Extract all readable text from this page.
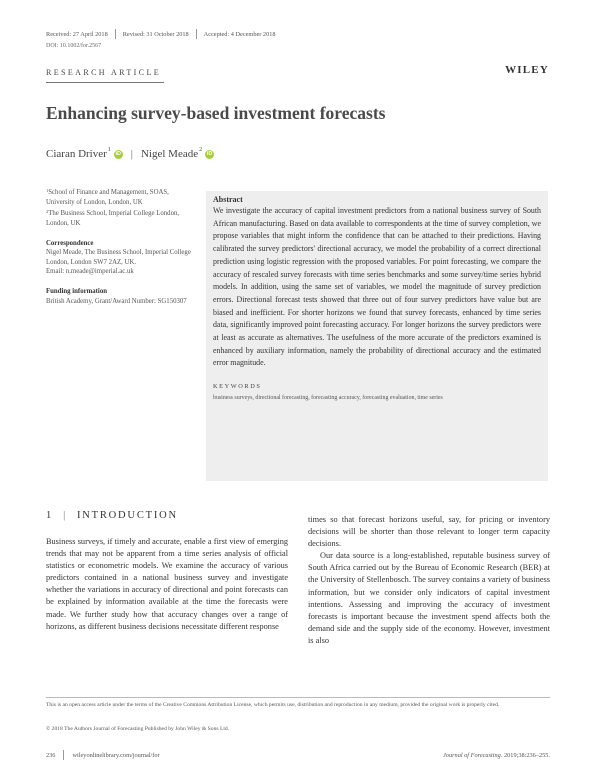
Received: 27 April 2018 Revised: 31 October 2018 Accepted: 4 December 2018
DOI: 10.1002/for.2567
RESEARCH ARTICLE	WILEY
Enhancing survey-based investment forecasts
Ciaran Driver$^1$
iD | Nigel Meade$^2$
iD

$^1$School of Finance and Management, SOAS, University of London, London, UK

$^2$The Business School, Imperial College London, London, UK

Correspondence

Nigel Meade, The Business School, Imperial College London, London SW7 2AZ, UK.

Email: n.meade@imperial.ac.uk

Funding information

British Academy, Grant/Award Number: SG150307

Abstract
We investigate the accuracy of capital investment predictors from a national business survey of South African manufacturing. Based on data available to correspondents at the time of survey completion, we propose variables that might inform the confidence that can be attached to their predictions. Having calibrated the survey predictors' directional accuracy, we model the probability of a correct directional prediction using logistic regression with the proposed variables. For point forecasting, we compare the accuracy of rescaled survey forecasts with time series benchmarks and some survey/time series hybrid models. In addition, using the same set of variables, we model the magnitude of survey prediction errors. Directional forecast tests showed that three out of four survey predictors have value but are biased and inefficient. For shorter horizons we found that survey forecasts, enhanced by time series data, significantly improved point forecasting accuracy. For longer horizons the survey predictors were at least as accurate as alternatives. The usefulness of the more accurate of the predictors examined is enhanced by auxiliary information, namely the probability of directional accuracy and the estimated error magnitude.
KEYWORDS
business surveys, directional forecasting, forecasting accuracy, forecasting evaluation, time series
1 | INTRODUCTION

Business surveys, if timely and accurate, enable a first view of emerging trends that may not be apparent from a time series analysis of official statistics or econometric models. We examine the accuracy of various predictors contained in a national business survey and investigate whether the variations in accuracy of directional and point forecasts can be explained by information available at the time the forecasts were made. We further study how that accuracy changes over a range of horizons, as different business decisions necessitate different response

times so that forecast horizons useful, say, for pricing or inventory decisions will be shorter than those relevant to longer term capacity decisions.

Our data source is a long-established, reputable business survey of South Africa carried out by the Bureau of Economic Research (BER) at the University of Stellenbosch. The survey contains a variety of business information, but we consider only indicators of capital investment intentions. Assessing and improving the accuracy of investment forecasts is important because the investment spend affects both the demand side and the supply side of the economy. However, investment is also

This is an open access article under the terms of the Creative Commons Attribution License, which permits use, distribution and reproduction in any medium, provided the original work is properly cited.
© 2018 The Authors Journal of Forecasting Published by John Wiley & Sons Ltd.
236	wileyonlinelibrary.com/journal/for	Journal of Forecasting. 2019;38:236–255.
